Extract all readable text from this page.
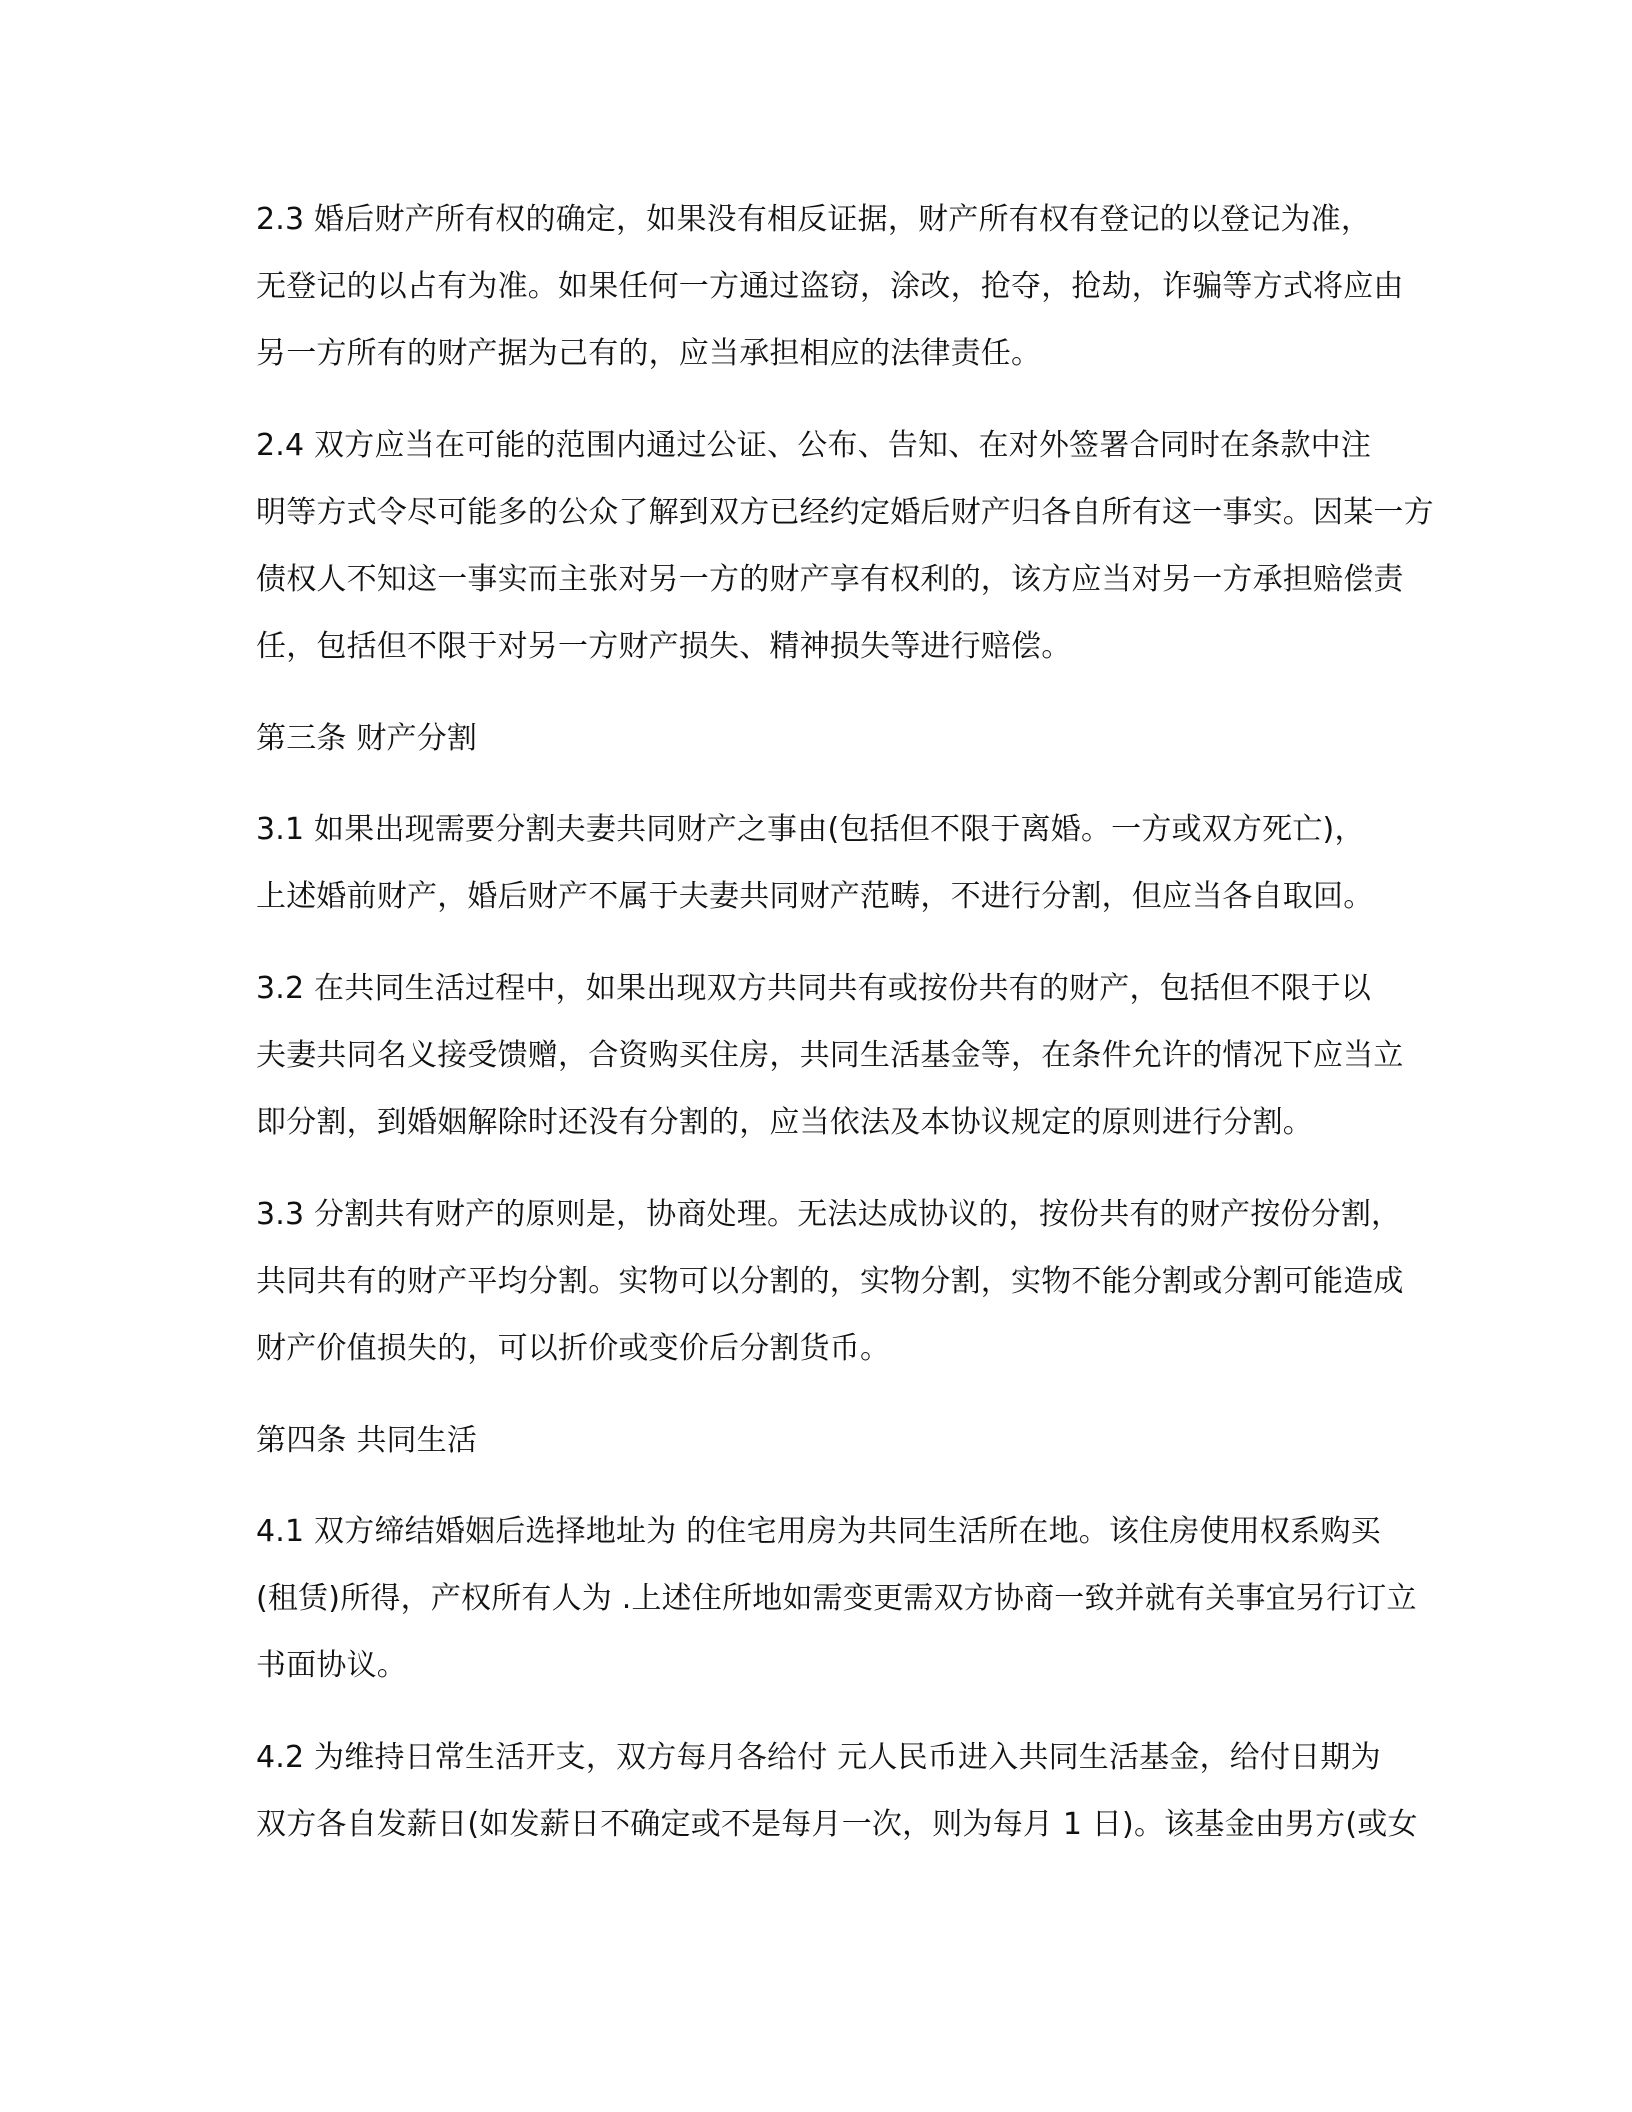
2.3 婚后财产所有权的确定，如果没有相反证据，财产所有权有登记的以登记为准，
无登记的以占有为准。如果任何一方通过盗窃，涂改，抢夺，抢劫，诈骗等方式将应由
另一方所有的财产据为己有的，应当承担相应的法律责任。

2.4 双方应当在可能的范围内通过公证、公布、告知、在对外签署合同时在条款中注
明等方式令尽可能多的公众了解到双方已经约定婚后财产归各自所有这一事实。因某一方
债权人不知这一事实而主张对另一方的财产享有权利的，该方应当对另一方承担赔偿责
任，包括但不限于对另一方财产损失、精神损失等进行赔偿。

第三条 财产分割

3.1 如果出现需要分割夫妻共同财产之事由(包括但不限于离婚。一方或双方死亡)，
上述婚前财产，婚后财产不属于夫妻共同财产范畴，不进行分割，但应当各自取回。

3.2 在共同生活过程中，如果出现双方共同共有或按份共有的财产，包括但不限于以
夫妻共同名义接受馈赠，合资购买住房，共同生活基金等，在条件允许的情况下应当立
即分割，到婚姻解除时还没有分割的，应当依法及本协议规定的原则进行分割。

3.3 分割共有财产的原则是，协商处理。无法达成协议的，按份共有的财产按份分割，
共同共有的财产平均分割。实物可以分割的，实物分割，实物不能分割或分割可能造成
财产价值损失的，可以折价或变价后分割货币。

第四条 共同生活

4.1 双方缔结婚姻后选择地址为 的住宅用房为共同生活所在地。该住房使用权系购买
(租赁)所得，产权所有人为 .上述住所地如需变更需双方协商一致并就有关事宜另行订立
书面协议。

4.2 为维持日常生活开支，双方每月各给付 元人民币进入共同生活基金，给付日期为
双方各自发薪日(如发薪日不确定或不是每月一次，则为每月 1 日)。该基金由男方(或女
